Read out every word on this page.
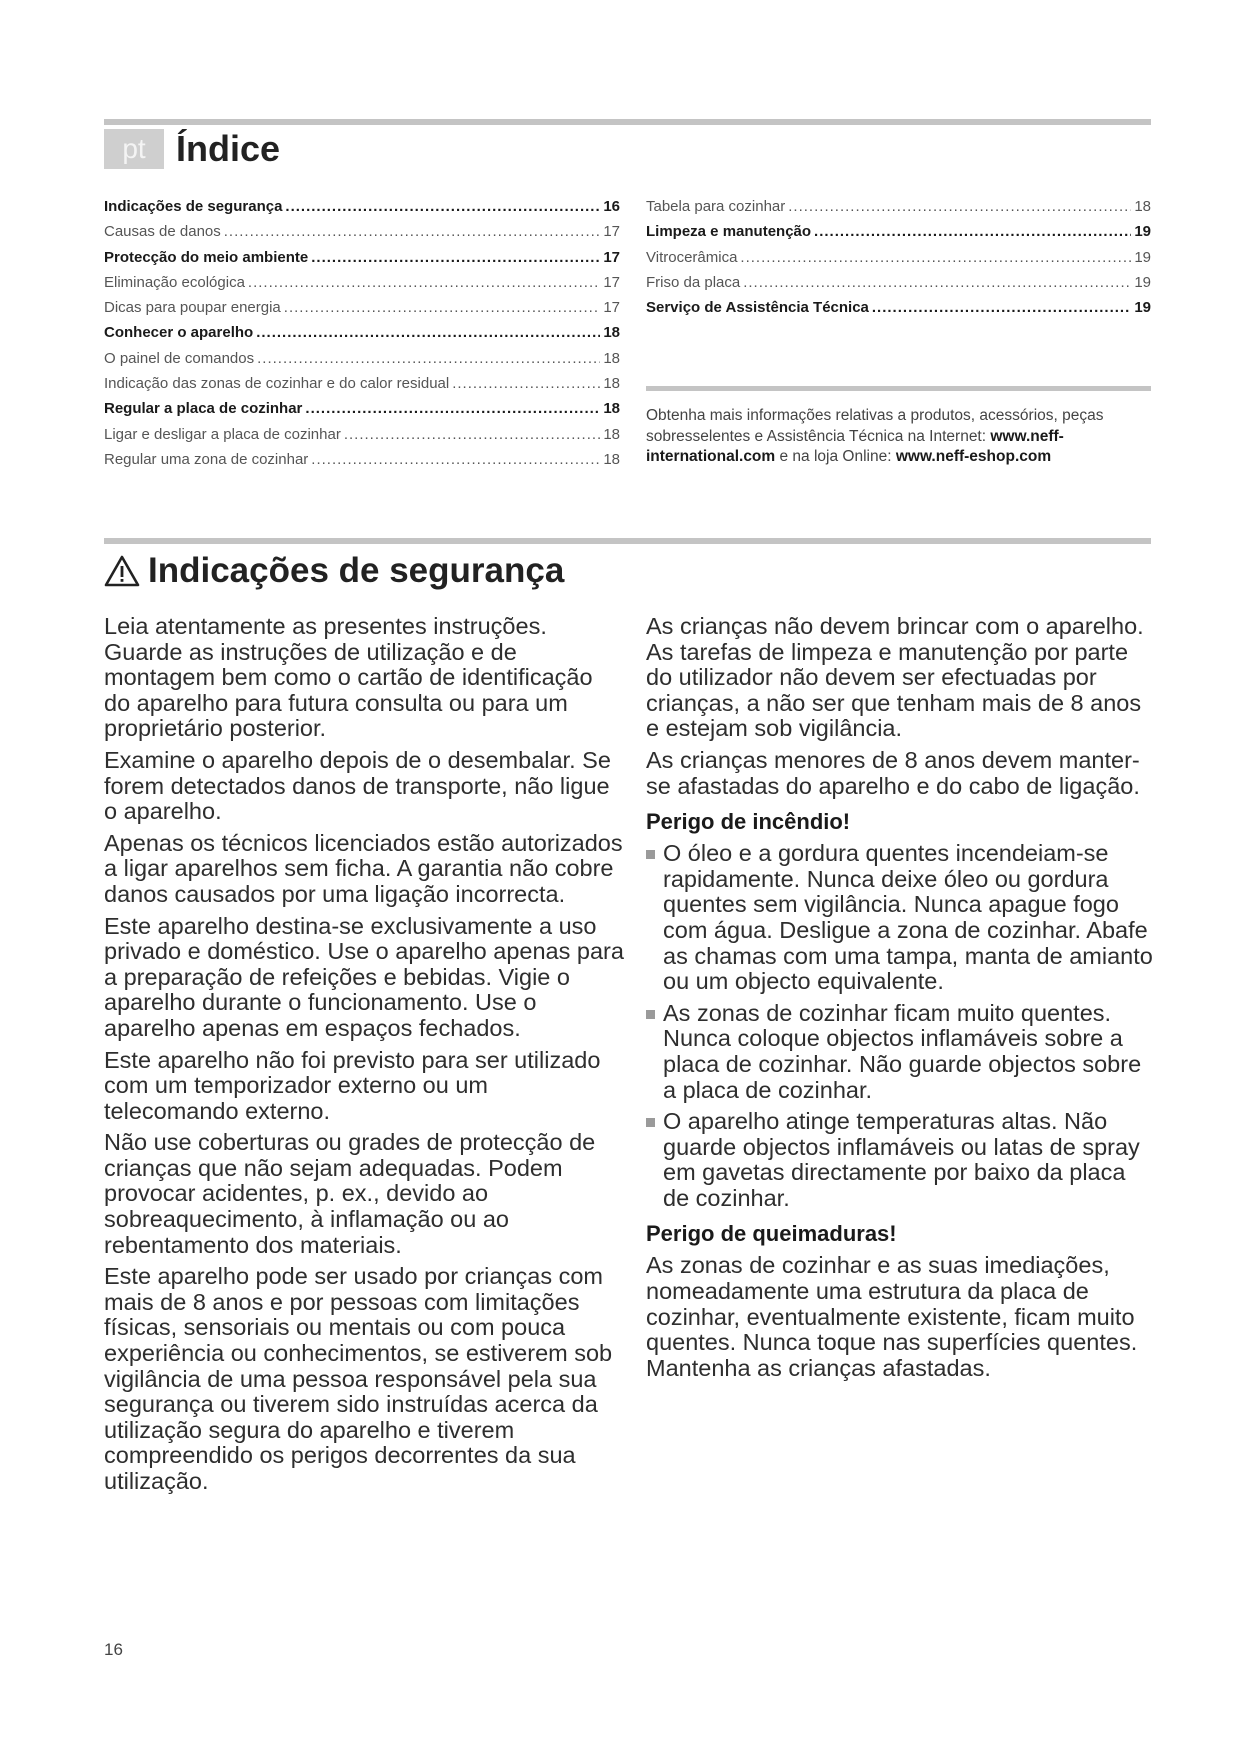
pt Índice
Indicações de segurança .....	16
Causas de danos .....	17
Protecção do meio ambiente .....	17
Eliminação ecológica .....	17
Dicas para poupar energia .....	17
Conhecer o aparelho .....	18
O painel de comandos .....	18
Indicação das zonas de cozinhar e do calor residual .....	18
Regular a placa de cozinhar .....	18
Ligar e desligar a placa de cozinhar .....	18
Regular uma zona de cozinhar .....	18
Tabela para cozinhar .....	18
Limpeza e manutenção .....	19
Vitrocerâmica .....	19
Friso da placa .....	19
Serviço de Assistência Técnica .....	19
Obtenha mais informações relativas a produtos, acessórios, peças sobresselentes e Assistência Técnica na Internet: www.neff-international.com e na loja Online: www.neff-eshop.com
Indicações de segurança

Leia atentamente as presentes instruções. Guarde as instruções de utilização e de montagem bem como o cartão de identificação do aparelho para futura consulta ou para um proprietário posterior.

Examine o aparelho depois de o desembalar. Se forem detectados danos de transporte, não ligue o aparelho.

Apenas os técnicos licenciados estão autorizados a ligar aparelhos sem ficha. A garantia não cobre danos causados por uma ligação incorrecta.

Este aparelho destina-se exclusivamente a uso privado e doméstico. Use o aparelho apenas para a preparação de refeições e bebidas. Vigie o aparelho durante o funcionamento. Use o aparelho apenas em espaços fechados.

Este aparelho não foi previsto para ser utilizado com um temporizador externo ou um telecomando externo.

Não use coberturas ou grades de protecção de crianças que não sejam adequadas. Podem provocar acidentes, p. ex., devido ao sobreaquecimento, à inflamação ou ao rebentamento dos materiais.

Este aparelho pode ser usado por crianças com mais de 8 anos e por pessoas com limitações físicas, sensoriais ou mentais ou com pouca experiência ou conhecimentos, se estiverem sob vigilância de uma pessoa responsável pela sua segurança ou tiverem sido instruídas acerca da utilização segura do aparelho e tiverem compreendido os perigos decorrentes da sua utilização.

As crianças não devem brincar com o aparelho. As tarefas de limpeza e manutenção por parte do utilizador não devem ser efectuadas por crianças, a não ser que tenham mais de 8 anos e estejam sob vigilância.

As crianças menores de 8 anos devem manter-se afastadas do aparelho e do cabo de ligação.

Perigo de incêndio!
O óleo e a gordura quentes incendeiam-se rapidamente. Nunca deixe óleo ou gordura quentes sem vigilância. Nunca apague fogo com água. Desligue a zona de cozinhar. Abafe as chamas com uma tampa, manta de amianto ou um objecto equivalente.
As zonas de cozinhar ficam muito quentes. Nunca coloque objectos inflamáveis sobre a placa de cozinhar. Não guarde objectos sobre a placa de cozinhar.
O aparelho atinge temperaturas altas. Não guarde objectos inflamáveis ou latas de spray em gavetas directamente por baixo da placa de cozinhar.
Perigo de queimaduras!

As zonas de cozinhar e as suas imediações, nomeadamente uma estrutura da placa de cozinhar, eventualmente existente, ficam muito quentes. Nunca toque nas superfícies quentes. Mantenha as crianças afastadas.

16
